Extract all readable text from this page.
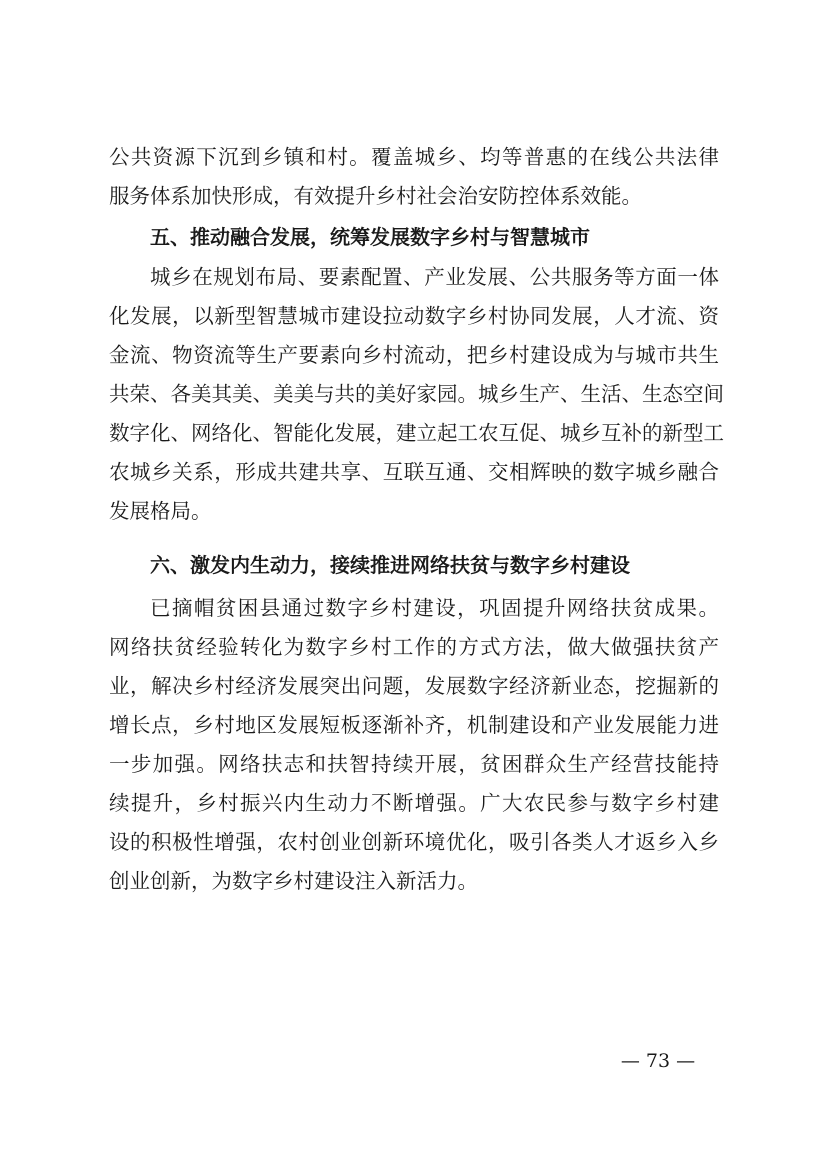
公共资源下沉到乡镇和村。覆盖城乡、均等普惠的在线公共法律
服务体系加快形成，有效提升乡村社会治安防控体系效能。
五、推动融合发展，统筹发展数字乡村与智慧城市
城乡在规划布局、要素配置、产业发展、公共服务等方面一体
化发展，以新型智慧城市建设拉动数字乡村协同发展，人才流、资
金流、物资流等生产要素向乡村流动，把乡村建设成为与城市共生
共荣、各美其美、美美与共的美好家园。城乡生产、生活、生态空间
数字化、网络化、智能化发展，建立起工农互促、城乡互补的新型工
农城乡关系，形成共建共享、互联互通、交相辉映的数字城乡融合
发展格局。
六、激发内生动力，接续推进网络扶贫与数字乡村建设
已摘帽贫困县通过数字乡村建设，巩固提升网络扶贫成果。
网络扶贫经验转化为数字乡村工作的方式方法，做大做强扶贫产
业，解决乡村经济发展突出问题，发展数字经济新业态，挖掘新的
增长点，乡村地区发展短板逐渐补齐，机制建设和产业发展能力进
一步加强。网络扶志和扶智持续开展，贫困群众生产经营技能持
续提升，乡村振兴内生动力不断增强。广大农民参与数字乡村建
设的积极性增强，农村创业创新环境优化，吸引各类人才返乡入乡
创业创新，为数字乡村建设注入新活力。
— 73 —
